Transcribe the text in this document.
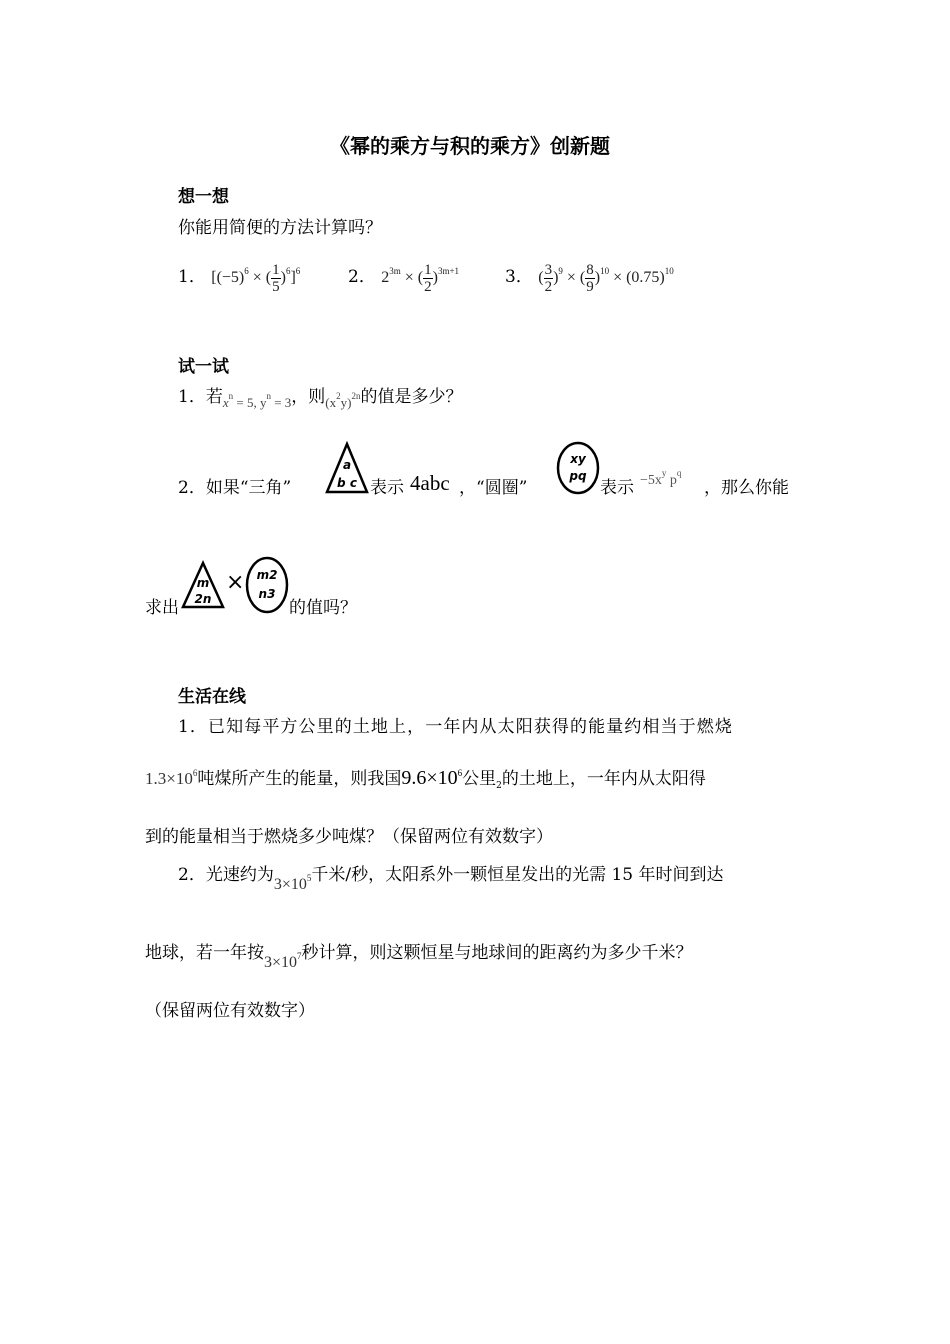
《幂的乘方与积的乘方》创新题
想一想
你能用简便的方法计算吗？
1． [$(-5)^6$ × ( $\frac{1}{5} )^6]^6$	2． $2^{3m}$ × ( $\frac{1}{2} )^{3m+1}$	3． ( $\frac{3}{2} )^9$ × ( $\frac{8}{9} )^{10} \times (0.75)^{10}$
试一试
1．若$_{x^n = 5, y^n = 3}$，则$_{(x^2y)^{2n}}$的值是多少？
2．如果“三角”
a
b c 表示 4abc ，“圆圈”
xy
pq
表示 $-5x^y$ $p^q$
，那么你能
求出
m
2n
× m2
n3
的值吗？
生活在线
1．已知每平方公里的土地上，一年内从太阳获得的能量约相当于燃烧
$1.3\times 10^6$吨煤所产生的能量，则我国$9.6\times 10^6$公里$_2$的土地上，一年内从太阳得
到的能量相当于燃烧多少吨煤？（保留两位有效数字）
2．光速约为$3\times 10^5$千米/秒，太阳系外一颗恒星发出的光需 15 年时间到达
地球，若一年按$3\times 10^7$秒计算，则这颗恒星与地球间的距离约为多少千米？
（保留两位有效数字）
